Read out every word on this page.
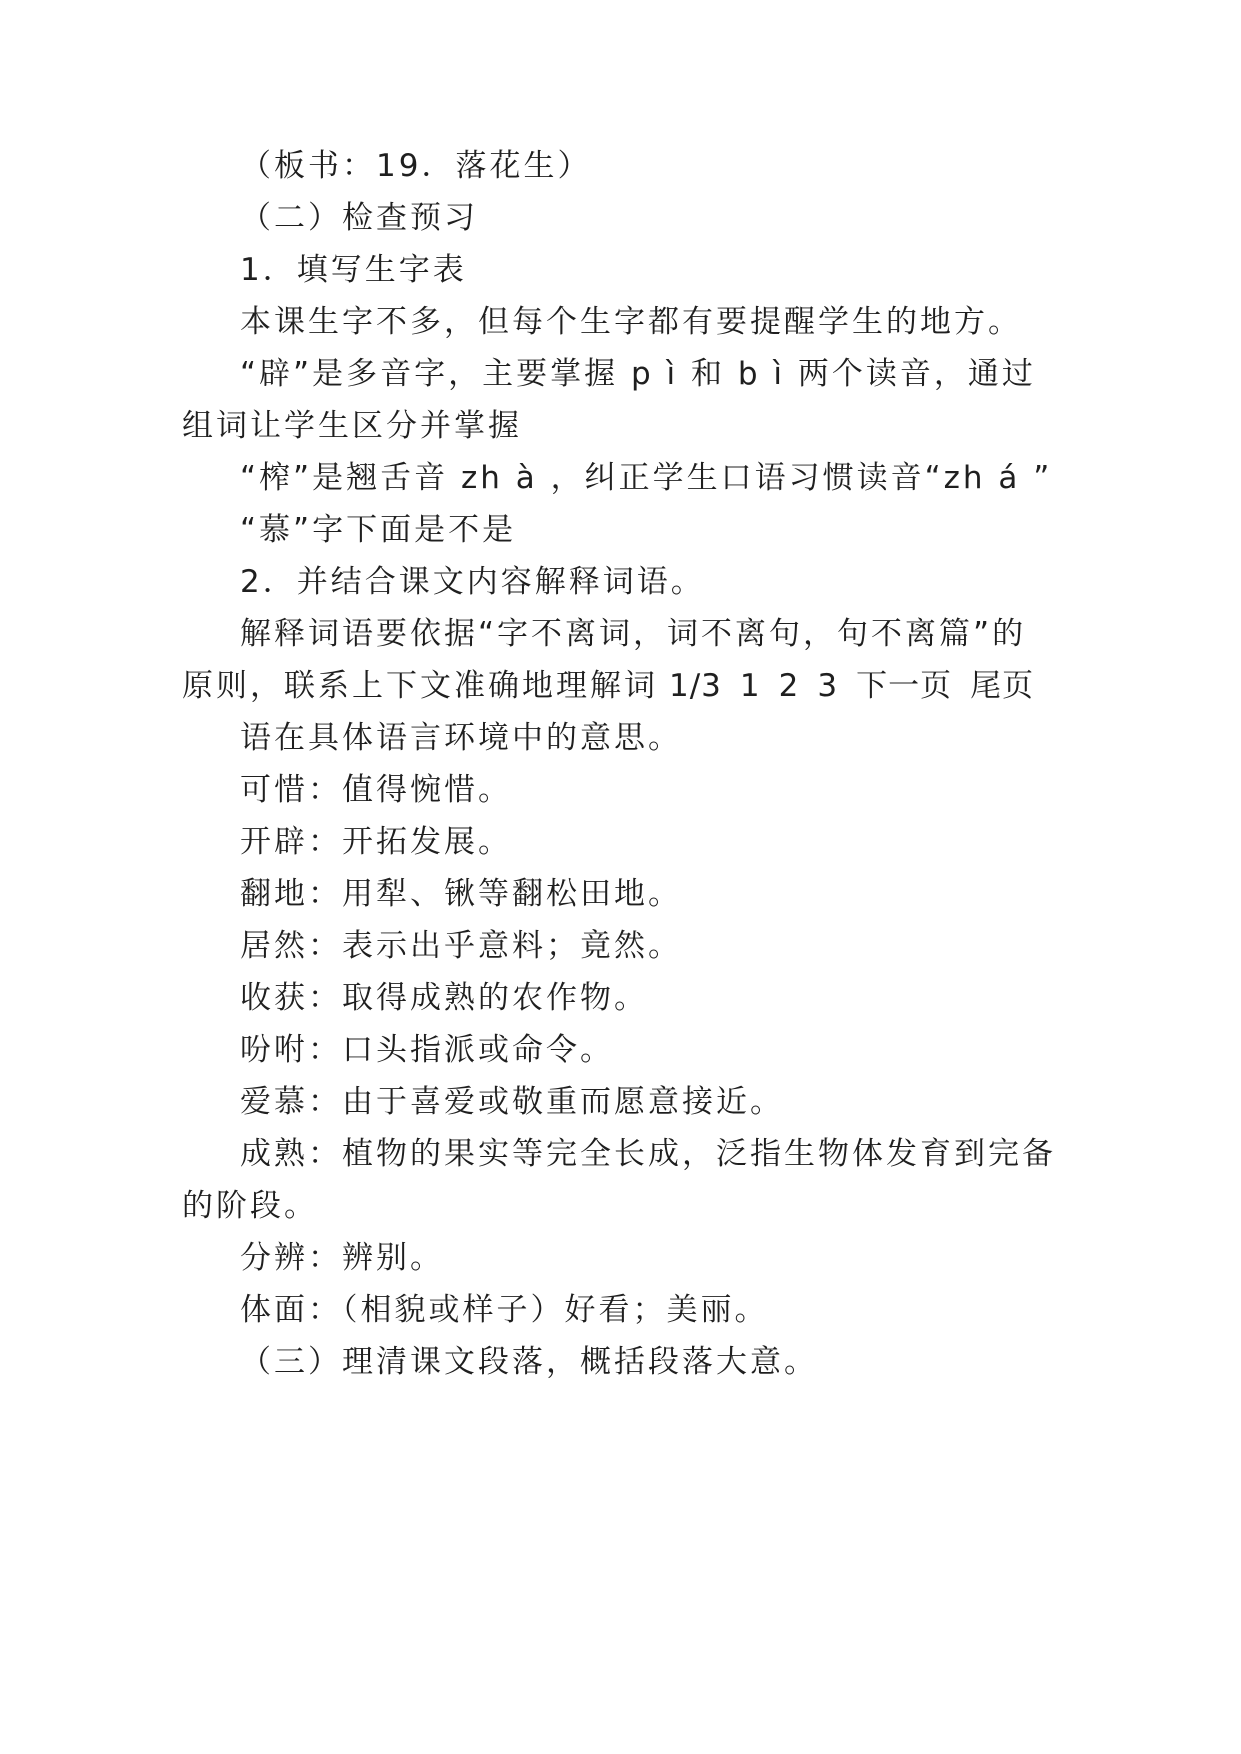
（板书：19．落花生）
（二）检查预习
1．填写生字表
本课生字不多，但每个生字都有要提醒学生的地方。
“辟”是多音字，主要掌握 p ì 和 b ì 两个读音，通过
组词让学生区分并掌握
“榨”是翘舌音 zh à ，纠正学生口语习惯读音“zh á ”
“慕”字下面是不是
2．并结合课文内容解释词语。
解释词语要依据“字不离词，词不离句，句不离篇”的
原则，联系上下文准确地理解词 1/3 1 2 3 下一页 尾页
语在具体语言环境中的意思。
可惜：值得惋惜。
开辟：开拓发展。
翻地：用犁、锹等翻松田地。
居然：表示出乎意料；竟然。
收获：取得成熟的农作物。
吩咐：口头指派或命令。
爱慕：由于喜爱或敬重而愿意接近。
成熟：植物的果实等完全长成，泛指生物体发育到完备
的阶段。
分辨：辨别。
体面：（相貌或样子）好看；美丽。
（三）理清课文段落，概括段落大意。
